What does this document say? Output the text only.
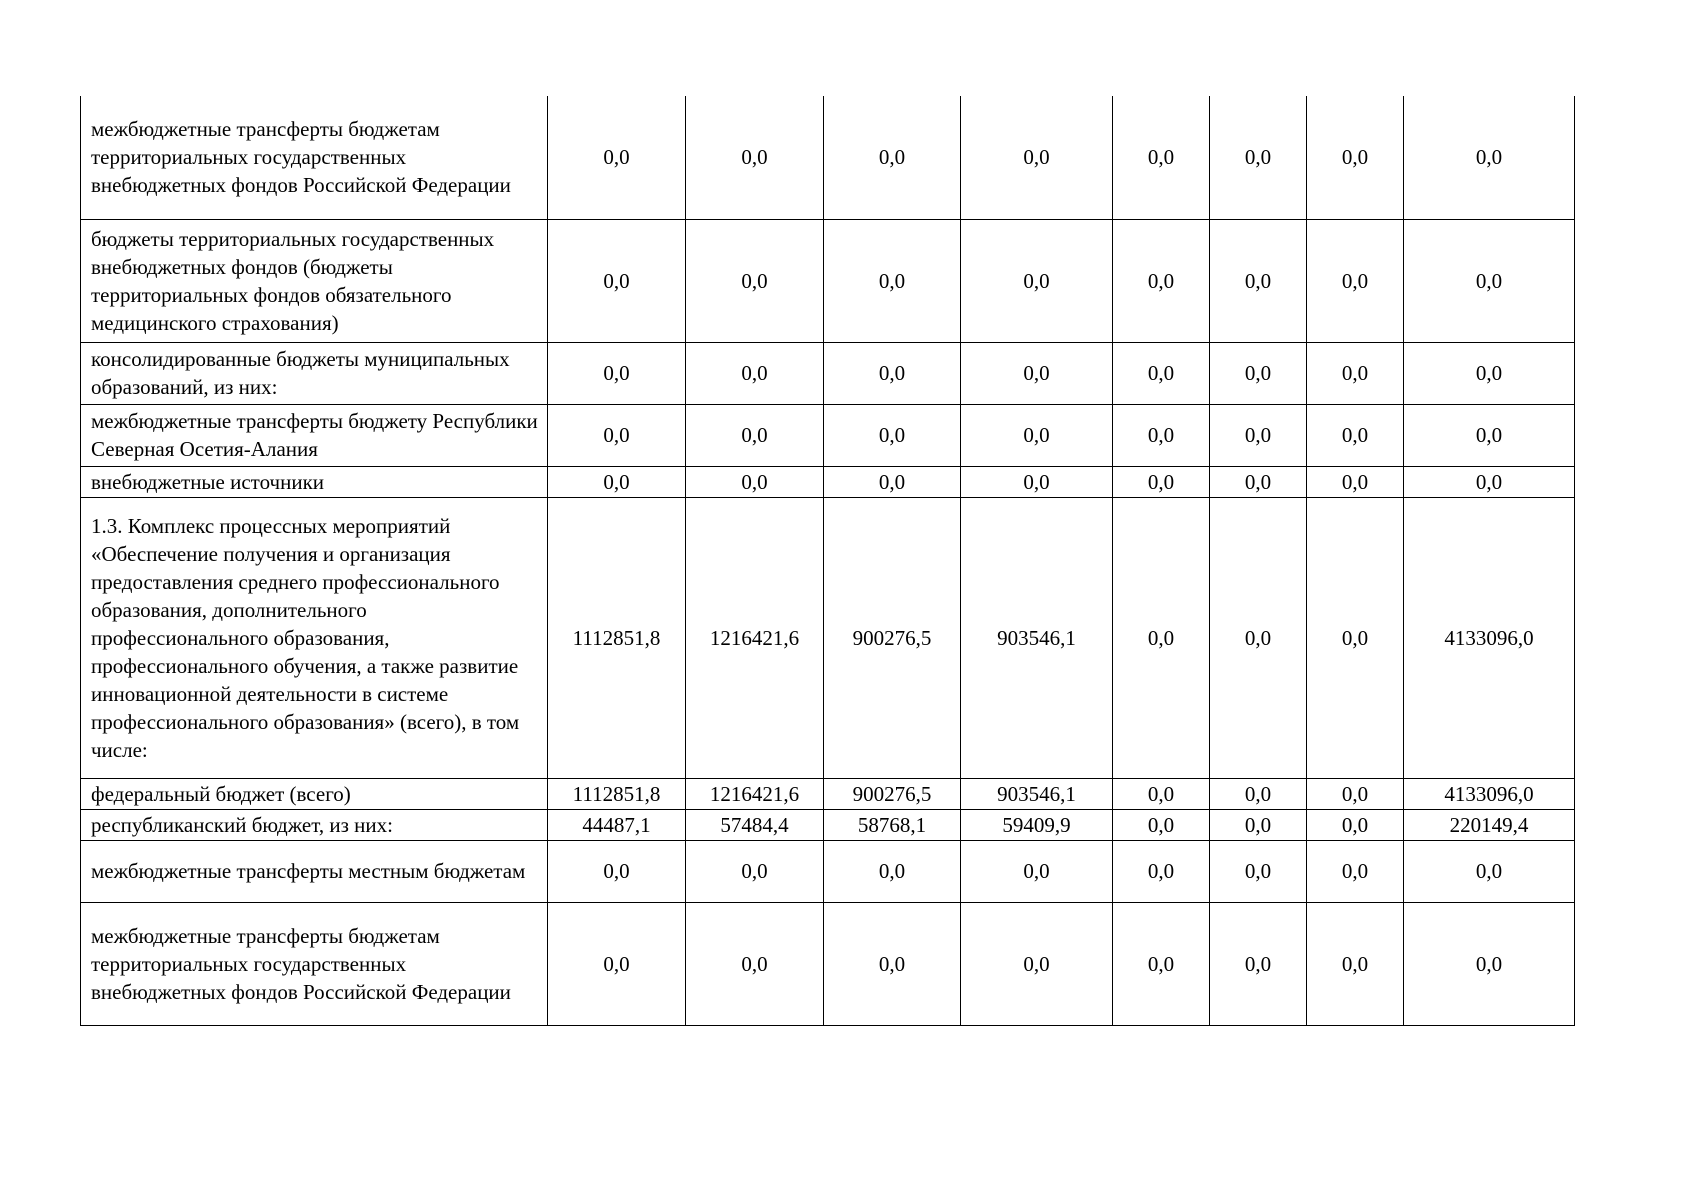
межбюджетные трансферты бюджетам территориальных государственных внебюджетных фондов Российской Федерации	0,0	0,0	0,0	0,0	0,0	0,0	0,0	0,0
бюджеты территориальных государственных внебюджетных фондов (бюджеты территориальных фондов обязательного медицинского страхования)	0,0	0,0	0,0	0,0	0,0	0,0	0,0	0,0
консолидированные бюджеты муниципальных образований, из них:	0,0	0,0	0,0	0,0	0,0	0,0	0,0	0,0
межбюджетные трансферты бюджету Республики Северная Осетия-Алания	0,0	0,0	0,0	0,0	0,0	0,0	0,0	0,0
внебюджетные источники	0,0	0,0	0,0	0,0	0,0	0,0	0,0	0,0
1.3. Комплекс процессных мероприятий «Обеспечение получения и организация предоставления среднего профессионального образования, дополнительного профессионального образования, профессионального обучения, а также развитие инновационной деятельности в системе профессионального образования» (всего), в том числе:	1112851,8	1216421,6	900276,5	903546,1	0,0	0,0	0,0	4133096,0
федеральный бюджет (всего)	1112851,8	1216421,6	900276,5	903546,1	0,0	0,0	0,0	4133096,0
республиканский бюджет, из них:	44487,1	57484,4	58768,1	59409,9	0,0	0,0	0,0	220149,4
межбюджетные трансферты местным бюджетам	0,0	0,0	0,0	0,0	0,0	0,0	0,0	0,0
межбюджетные трансферты бюджетам территориальных государственных внебюджетных фондов Российской Федерации	0,0	0,0	0,0	0,0	0,0	0,0	0,0	0,0
